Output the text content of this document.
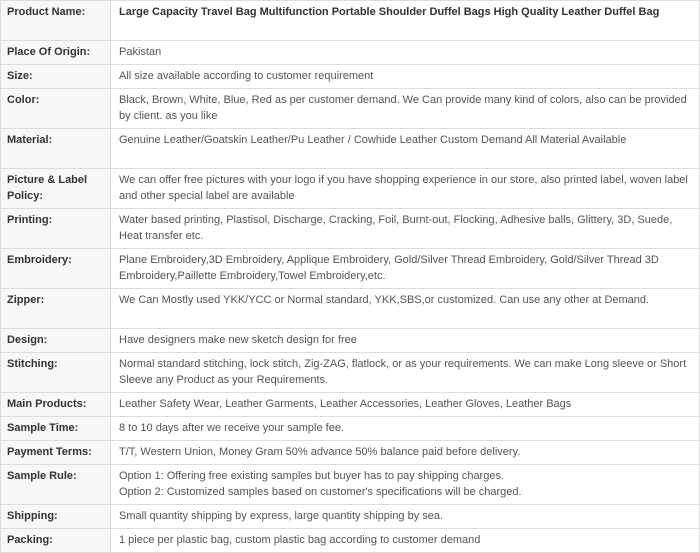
Product Name:	Large Capacity Travel Bag Multifunction Portable Shoulder Duffel Bags High Quality Leather Duffel Bag
Place Of Origin:	Pakistan
Size:	All size available according to customer requirement
Color:	Black, Brown, White, Blue, Red as per customer demand. We Can provide many kind of colors, also can be provided by client. as you like
Material:	Genuine Leather/Goatskin Leather/Pu Leather / Cowhide Leather Custom Demand All Material Available
Picture & Label Policy:	We can offer free pictures with your logo if you have shopping experience in our store, also printed label, woven label and other special label are available
Printing:	Water based printing, Plastisol, Discharge, Cracking, Foil, Burnt-out, Flocking, Adhesive balls, Glittery, 3D, Suede, Heat transfer etc.
Embroidery:	Plane Embroidery,3D Embroidery, Applique Embroidery, Gold/Silver Thread Embroidery, Gold/Silver Thread 3D Embroidery,Paillette Embroidery,Towel Embroidery,etc.
Zipper:	We Can Mostly used YKK/YCC or Normal standard, YKK,SBS,or customized. Can use any other at Demand.
Design:	Have designers make new sketch design for free
Stitching:	Normal standard stitching, lock stitch, Zig-ZAG, flatlock, or as your requirements. We can make Long sleeve or Short Sleeve any Product as your Requirements.
Main Products:	Leather Safety Wear, Leather Garments, Leather Accessories, Leather Gloves, Leather Bags
Sample Time:	8 to 10 days after we receive your sample fee.
Payment Terms:	T/T, Western Union, Money Gram 50% advance 50% balance paid before delivery.
Sample Rule:	Option 1: Offering free existing samples but buyer has to pay shipping charges.
Option 2: Customized samples based on customer's specifications will be charged.

Shipping:	Small quantity shipping by express, large quantity shipping by sea.
Packing:	1 piece per plastic bag, custom plastic bag according to customer demand
